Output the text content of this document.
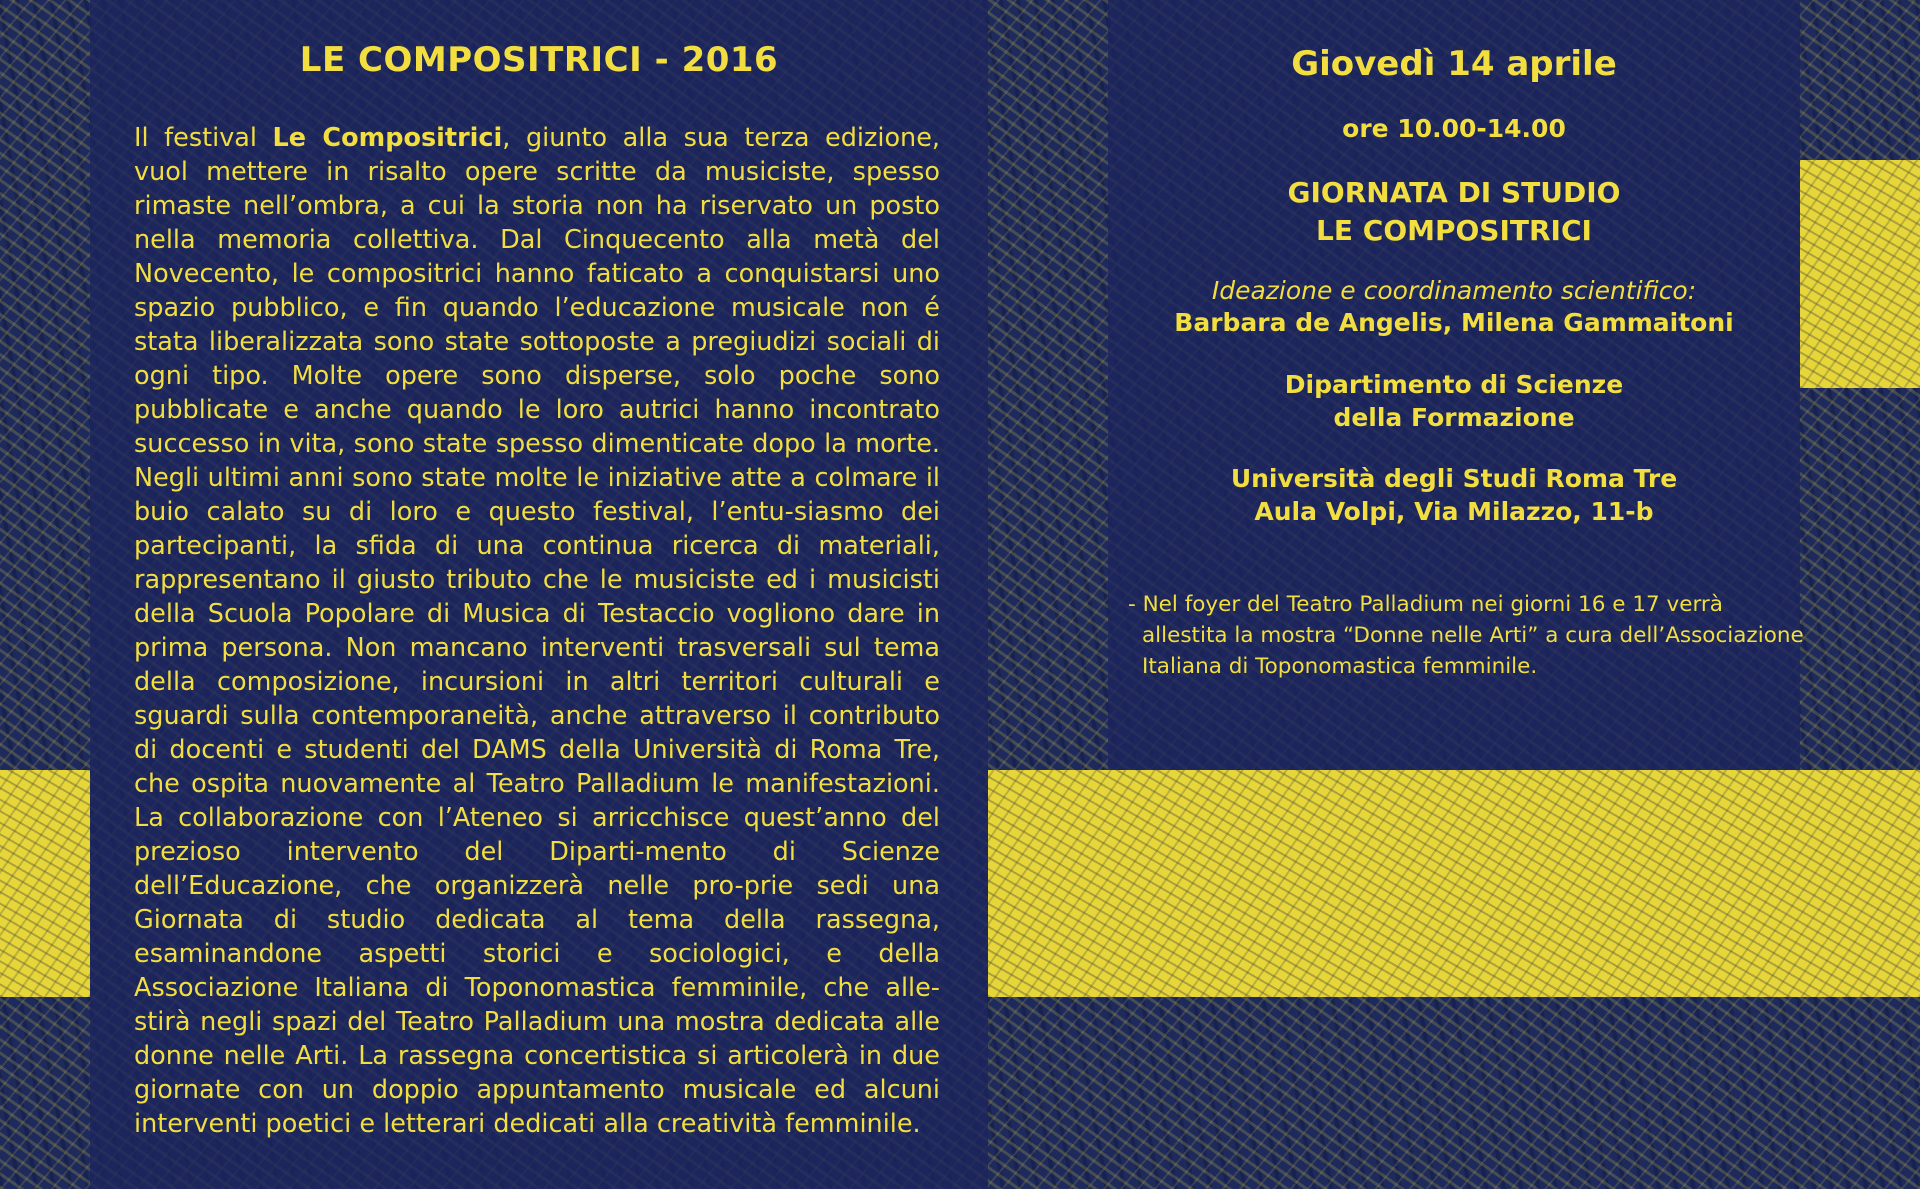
LE COMPOSITRICI - 2016

Il festival Le Compositrici, giunto alla sua terza edizione, vuol mettere in risalto opere scritte da musiciste, spesso rimaste nell’ombra, a cui la storia non ha riservato un posto nella memoria collettiva. Dal Cinquecento alla metà del Novecento, le compositrici hanno faticato a conquistarsi uno spazio pubblico, e fin quando l’educazione musicale non é stata liberalizzata sono state sottoposte a pregiudizi sociali di ogni tipo. Molte opere sono disperse, solo poche sono pubblicate e anche quando le loro autrici hanno incontrato successo in vita, sono state spesso dimenticate dopo la morte. Negli ultimi anni sono state molte le iniziative atte a colmare il buio calato su di loro e questo festival, l’entu-siasmo dei partecipanti, la sfida di una continua ricerca di materiali, rappresentano il giusto tributo che le musiciste ed i musicisti della Scuola Popolare di Musica di Testaccio vogliono dare in prima persona. Non mancano interventi trasversali sul tema della composizione, incursioni in altri territori culturali e sguardi sulla contemporaneità, anche attraverso il contributo di docenti e studenti del DAMS della Università di Roma Tre, che ospita nuovamente al Teatro Palladium le manifestazioni. La collaborazione con l’Ateneo si arricchisce quest’anno del prezioso intervento del Diparti-mento di Scienze dell’Educazione, che organizzerà nelle pro-prie sedi una Giornata di studio dedicata al tema della rassegna, esaminandone aspetti storici e sociologici, e della Associazione Italiana di Toponomastica femminile, che alle-stirà negli spazi del Teatro Palladium una mostra dedicata alle donne nelle Arti. La rassegna concertistica si articolerà in due giornate con un doppio appuntamento musicale ed alcuni interventi poetici e letterari dedicati alla creatività femminile.

Giovedì 14 aprile

ore 10.00-14.00

GIORNATA DI STUDIO
LE COMPOSITRICI

Ideazione e coordinamento scientifico:

Barbara de Angelis, Milena Gammaitoni

Dipartimento di Scienze
della Formazione
Università degli Studi Roma Tre
Aula Volpi, Via Milazzo, 11-b

- Nel foyer del Teatro Palladium nei giorni 16 e 17 verrà allestita la mostra “Donne nelle Arti” a cura dell’Associazione Italiana di Toponomastica femminile.
